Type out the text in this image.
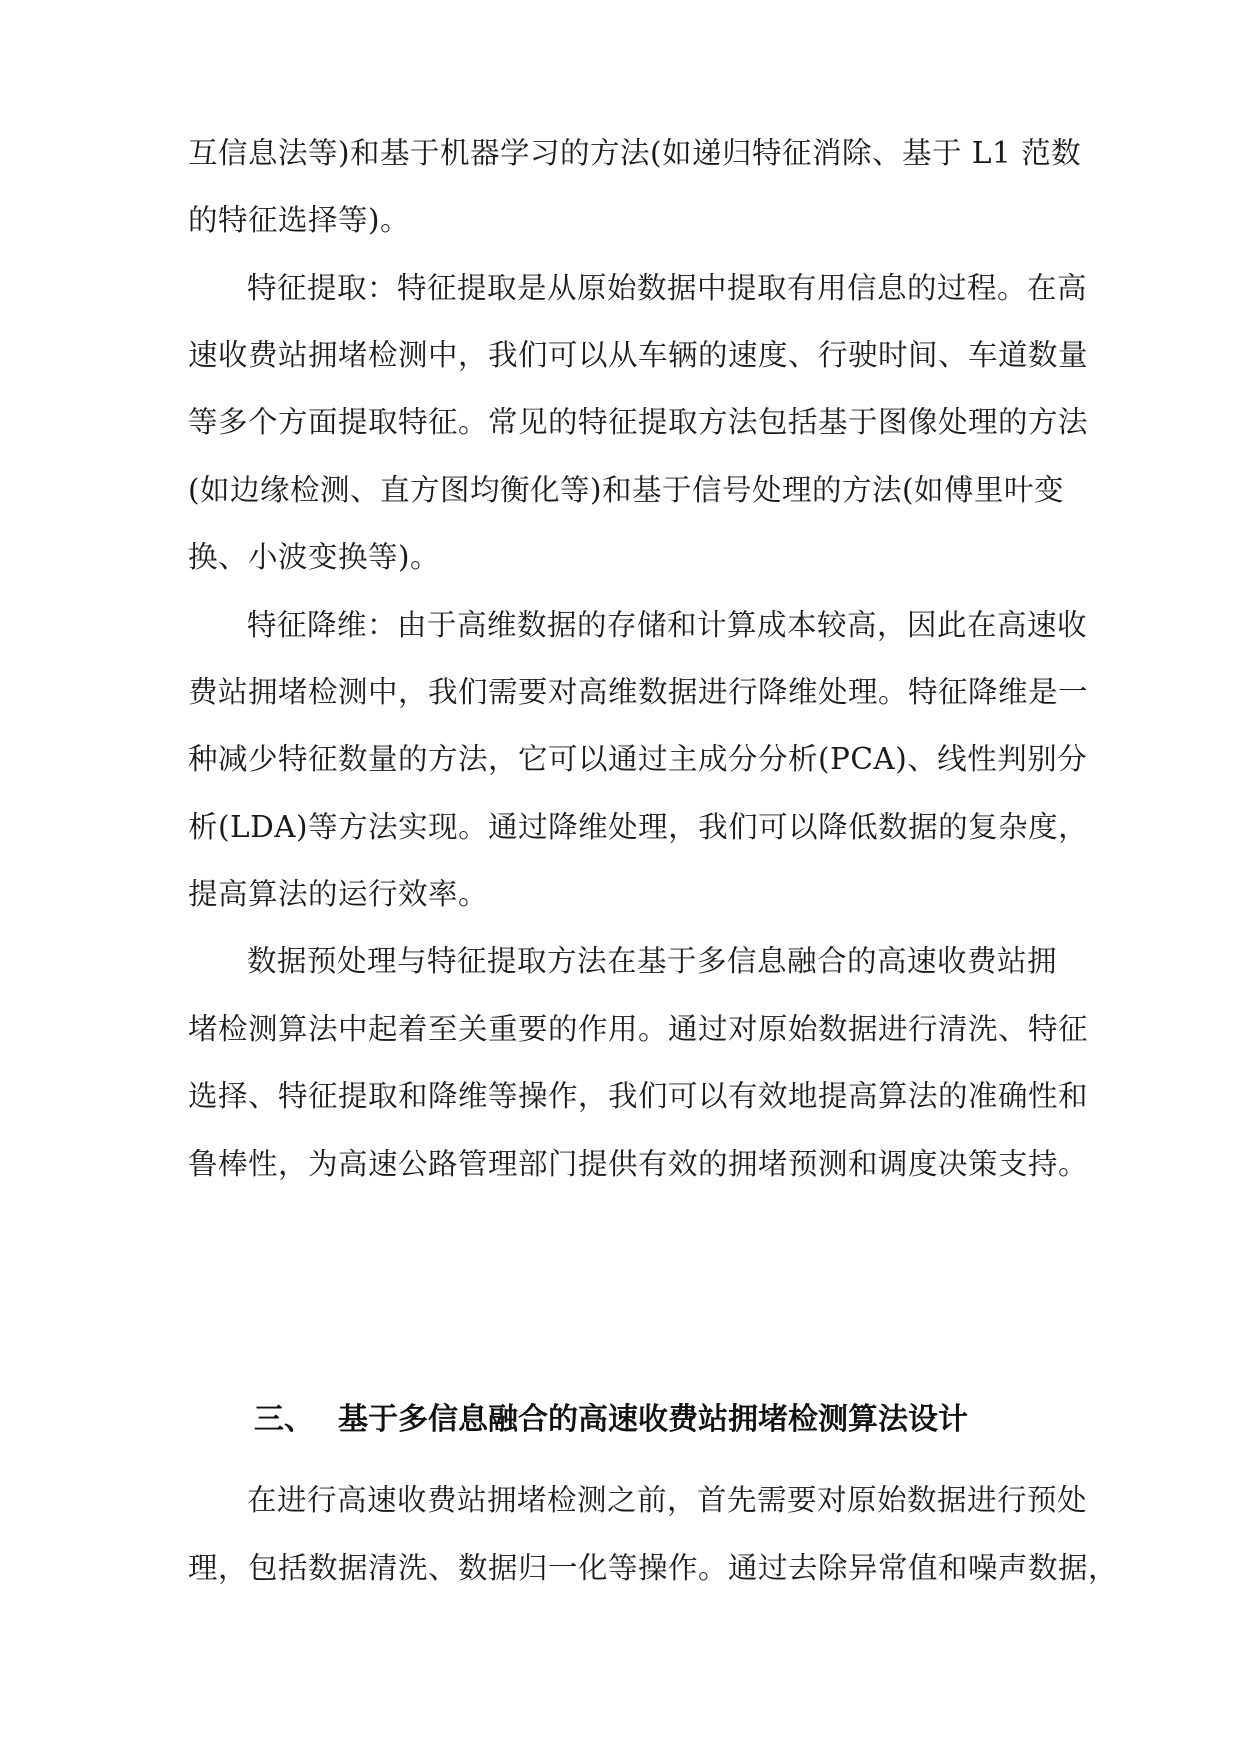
互信息法等)和基于机器学习的方法(如递归特征消除、基于 L1 范数
的特征选择等)。
特征提取：特征提取是从原始数据中提取有用信息的过程。在高
速收费站拥堵检测中，我们可以从车辆的速度、行驶时间、车道数量
等多个方面提取特征。常见的特征提取方法包括基于图像处理的方法
(如边缘检测、直方图均衡化等)和基于信号处理的方法(如傅里叶变
换、小波变换等)。
特征降维：由于高维数据的存储和计算成本较高，因此在高速收
费站拥堵检测中，我们需要对高维数据进行降维处理。特征降维是一
种减少特征数量的方法，它可以通过主成分分析(PCA)、线性判别分
析(LDA)等方法实现。通过降维处理，我们可以降低数据的复杂度，
提高算法的运行效率。
数据预处理与特征提取方法在基于多信息融合的高速收费站拥
堵检测算法中起着至关重要的作用。通过对原始数据进行清洗、特征
选择、特征提取和降维等操作，我们可以有效地提高算法的准确性和
鲁棒性，为高速公路管理部门提供有效的拥堵预测和调度决策支持。
三、 基于多信息融合的高速收费站拥堵检测算法设计
在进行高速收费站拥堵检测之前，首先需要对原始数据进行预处
理，包括数据清洗、数据归一化等操作。通过去除异常值和噪声数据，
